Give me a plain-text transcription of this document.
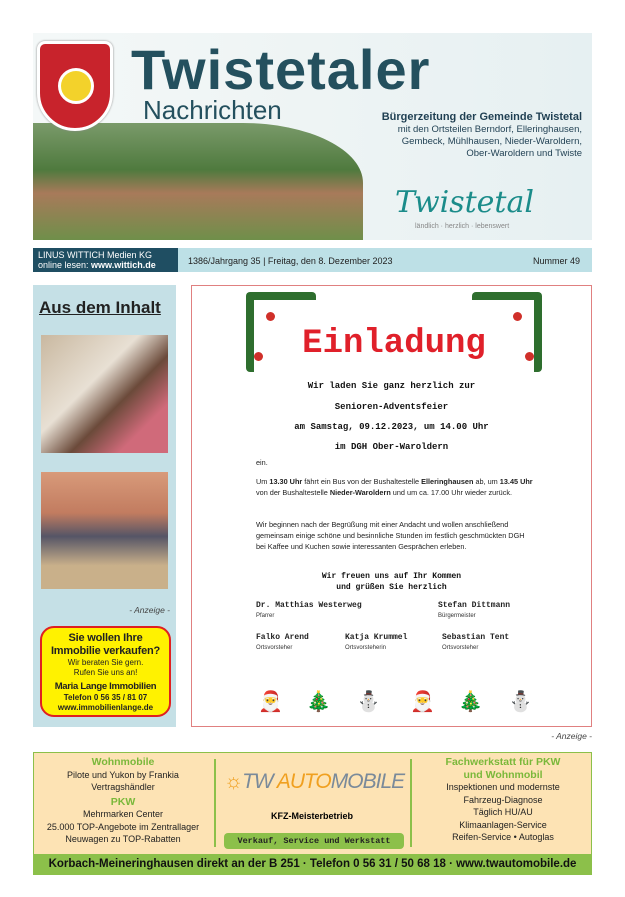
Twistetaler
Nachrichten	Bürgerzeitung der Gemeinde Twistetal
mit den Ortsteilen Berndorf, Elleringhausen,
Gembeck, Mühlhausen, Nieder-Waroldern,
Ober-Waroldern und Twiste
Twistetal
ländlich · herzlich · lebenswert
LINUS WITTICH Medien KG
online lesen: www.wittich.de	1386/Jahrgang 35 | Freitag, den 8. Dezember 2023	Nummer 49
Aus dem Inhalt
- Anzeige -
Sie wollen Ihre
Immobilie verkaufen?
Wir beraten Sie gern.
Rufen Sie uns an!
Maria Lange Immobilien
Telefon 0 56 35 / 81 07
www.immobilienlange.de
Einladung
Wir laden Sie ganz herzlich zur
Senioren-Adventsfeier
am Samstag, 09.12.2023, um 14.00 Uhr
im DGH Ober-Waroldern
ein.
Um 13.30 Uhr fährt ein Bus von der Bushaltestelle Elleringhausen ab, um 13.45 Uhr von der Bushaltestelle Nieder-Waroldern und um ca. 17.00 Uhr wieder zurück.
Wir beginnen nach der Begrüßung mit einer Andacht und wollen anschließend gemeinsam einige schöne und besinnliche Stunden im festlich geschmückten DGH bei Kaffee und Kuchen sowie interessanten Gesprächen erleben.
Wir freuen uns auf Ihr Kommen
und grüßen Sie herzlich
Dr. Matthias Westerweg
Pfarrer
Stefan Dittmann
Bürgermeister
Falko Arend
Ortsvorsteher
Katja Krummel
Ortsvorsteherin
Sebastian Tent
Ortsvorsteher
🎅 🎄 ⛄ 🎅 🎄 ⛄
- Anzeige -
Wohnmobile
Pilote und Yukon by Frankia
Vertragshändler
PKW
Mehrmarken Center
25.000 TOP-Angebote im Zentrallager
Neuwagen zu TOP-Rabatten
☼TW AUTOMOBILE
KFZ-Meisterbetrieb
Verkauf, Service und Werkstatt
Fachwerkstatt für PKW
und Wohnmobil
Inspektionen und modernste
Fahrzeug-Diagnose
Täglich HU/AU
Klimaanlagen-Service
Reifen-Service • Autoglas
Korbach-Meineringhausen direkt an der B 251 · Telefon 0 56 31 / 50 68 18 · www.twautomobile.de
